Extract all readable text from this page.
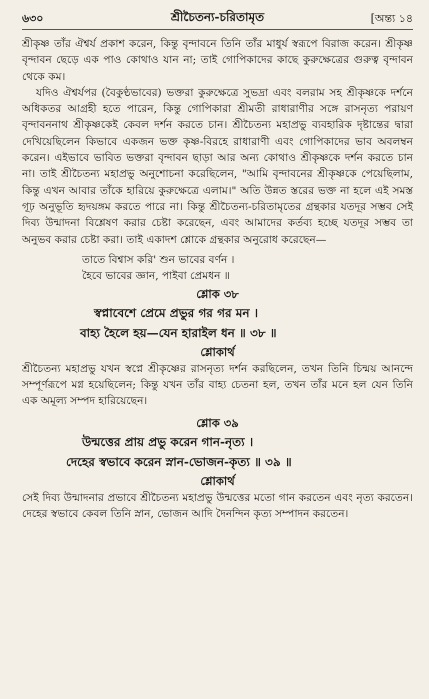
৬৩০	শ্রীচৈতন্য-চরিতামৃত	[অন্ত্য ১৪

শ্রীকৃষ্ণ তাঁর ঐশ্বর্য প্রকাশ করেন, কিন্তু বৃন্দাবনে তিনি তাঁর মাধুর্য স্বরূপে বিরাজ করেন। শ্রীকৃষ্ণ বৃন্দাবন ছেড়ে এক পাও কোথাও যান না; তাই গোপিকাদের কাছে কুরুক্ষেত্রের গুরুত্ব বৃন্দাবন থেকে কম।

যদিও ঐশ্বর্যপর (বৈকুণ্ঠভাবের) ভক্তরা কুরুক্ষেত্রে সুভদ্রা এবং বলরাম সহ শ্রীকৃষ্ণকে দর্শনে অধিকতর আগ্রহী হতে পারেন, কিন্তু গোপিকারা শ্রীমতী রাধারাণীর সঙ্গে রাসনৃত্য পরায়ণ বৃন্দাবননাথ শ্রীকৃষ্ণকেই কেবল দর্শন করতে চান। শ্রীচৈতন্য মহাপ্রভু ব্যবহারিক দৃষ্টান্তের দ্বারা দেখিয়েছিলেন কিভাবে একজন ভক্ত কৃষ্ণ-বিরহে রাধারাণী এবং গোপিকাদের ভাব অবলম্বন করেন। এইভাবে ভাবিত ভক্তরা বৃন্দাবন ছাড়া আর অন্য কোথাও শ্রীকৃষ্ণকে দর্শন করতে চান না। তাই শ্রীচৈতন্য মহাপ্রভু অনুশোচনা করেছিলেন, "আমি বৃন্দাবনের শ্রীকৃষ্ণকে পেয়েছিলাম, কিন্তু এখন আবার তাঁকে হারিয়ে কুরুক্ষেত্রে এলাম।" অতি উন্নত স্তরের ভক্ত না হলে এই সমস্ত গূঢ় অনুভূতি হৃদয়ঙ্গম করতে পারে না। কিন্তু শ্রীচৈতন্য-চরিতামৃতের গ্রন্থকার যতদূর সম্ভব সেই দিব্য উন্মাদনা বিশ্লেষণ করার চেষ্টা করেছেন, এবং আমাদের কর্তব্য হচ্ছে যতদূর সম্ভব তা অনুভব করার চেষ্টা করা। তাই একাদশ শ্লোকে গ্রন্থকার অনুরোধ করেছেন—

তাতে বিশ্বাস করি' শুন ভাবের বর্ণন ।
হৈবে ভাবের জ্ঞান, পাইবা প্রেমধন ॥
শ্লোক ৩৮
স্বপ্নাবেশে প্রেমে প্রভুর গর গর মন ।
বাহ্য হৈলে হয়—যেন হারাইল ধন ॥ ৩৮ ॥
শ্লোকার্থ

শ্রীচৈতন্য মহাপ্রভু যখন স্বপ্নে শ্রীকৃষ্ণের রাসনৃত্য দর্শন করছিলেন, তখন তিনি চিন্ময় আনন্দে সম্পূর্ণরূপে মগ্ন হয়েছিলেন; কিন্তু যখন তাঁর বাহ্য চেতনা হল, তখন তাঁর মনে হল যেন তিনি এক অমূল্য সম্পদ হারিয়েছেন।

শ্লোক ৩৯
উন্মত্তের প্রায় প্রভু করেন গান-নৃত্য ।
দেহের স্বভাবে করেন স্নান-ভোজন-কৃত্য ॥ ৩৯ ॥
শ্লোকার্থ

সেই দিব্য উন্মাদনার প্রভাবে শ্রীচৈতন্য মহাপ্রভু উন্মত্তের মতো গান করতেন এবং নৃত্য করতেন। দেহের স্বভাবে কেবল তিনি স্নান, ভোজন আদি দৈনন্দিন কৃত্য সম্পাদন করতেন।
